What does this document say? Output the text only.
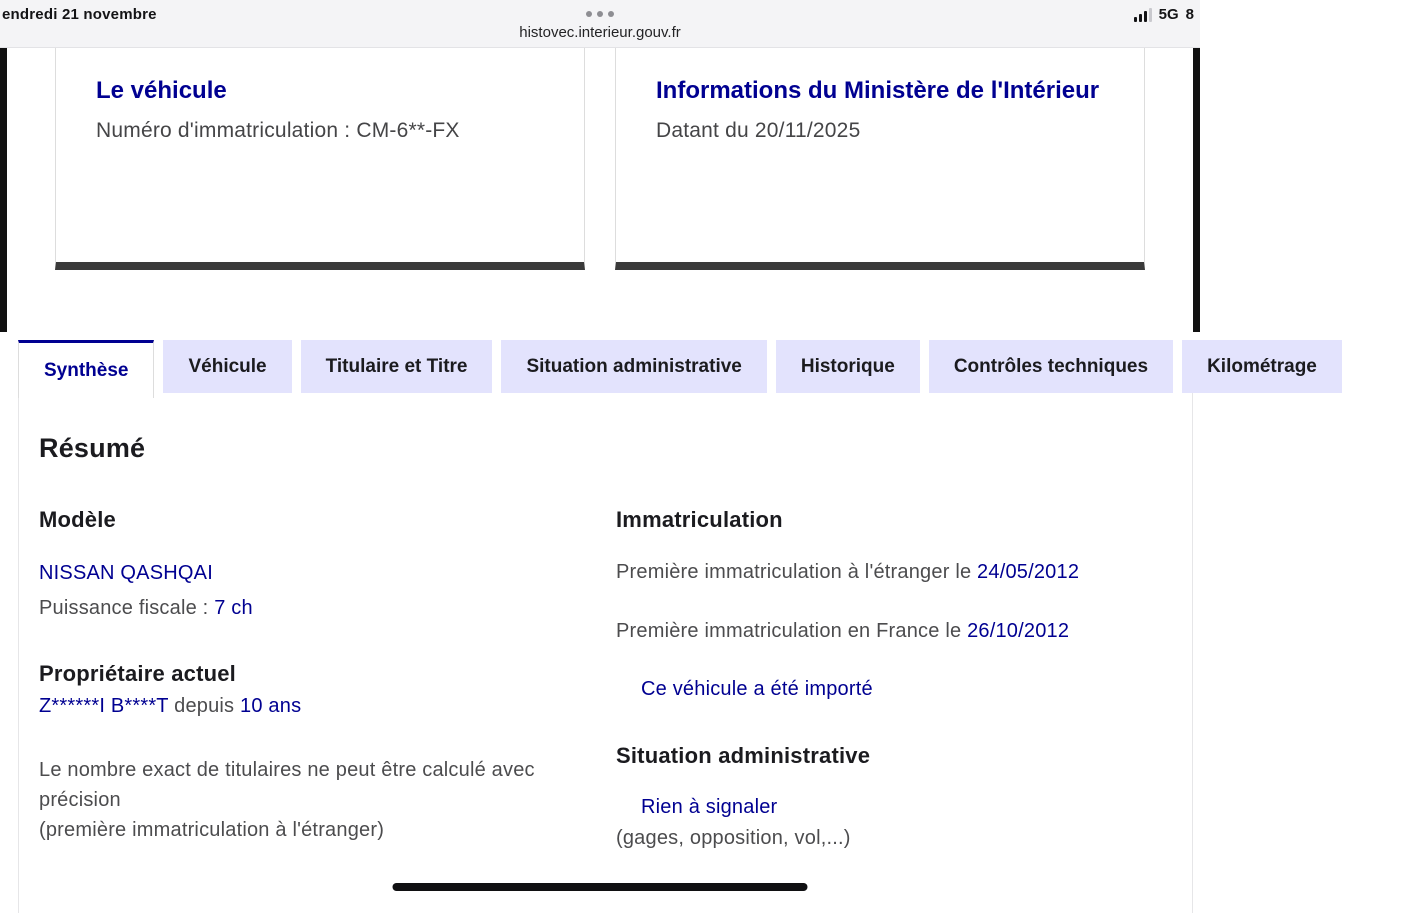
endredi 21 novembre
histovec.interieur.gouv.fr
5G 8
Le véhicule
Numéro d'immatriculation : CM-6**-FX
Informations du Ministère de l'Intérieur
Datant du 20/11/2025
Synthèse	Véhicule	Titulaire et Titre	Situation administrative	Historique	Contrôles techniques	Kilométrage
Résumé
Modèle
NISSAN QASHQAI
Puissance fiscale : 7 ch
Propriétaire actuel
Z******I B****T depuis 10 ans
Le nombre exact de titulaires ne peut être calculé avec précision
(première immatriculation à l'étranger)
Immatriculation
Première immatriculation à l'étranger le 24/05/2012
Première immatriculation en France le 26/10/2012
Ce véhicule a été importé
Situation administrative
Rien à signaler
(gages, opposition, vol,...)
